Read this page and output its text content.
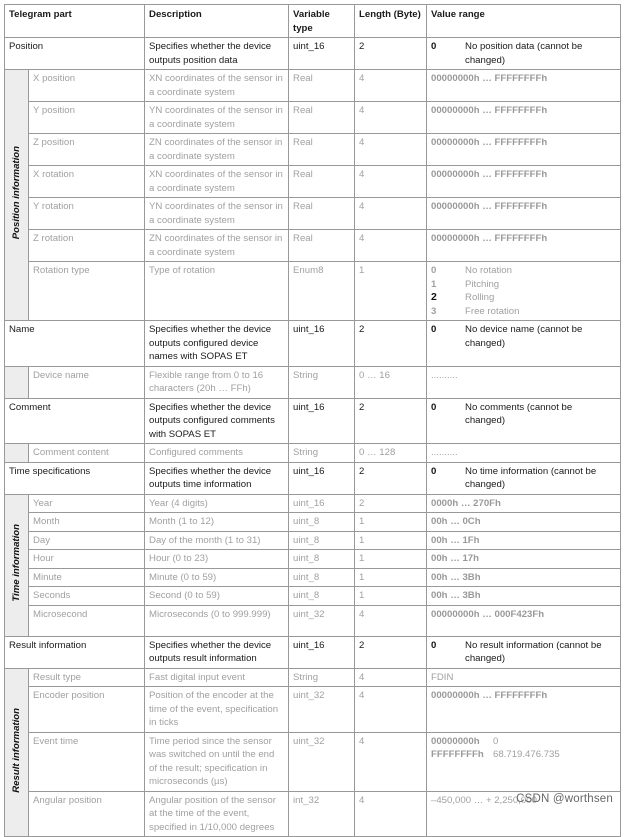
Telegram part		Description	Variable type	Length (Byte)	Value range
Position		Specifies whether the device outputs position data	uint_16	2	0 No position data (cannot be changed)
Position information	X position	XN coordinates of the sensor in a coordinate system	Real	4	00000000h … FFFFFFFFh
	Y position	YN coordinates of the sensor in a coordinate system	Real	4	00000000h … FFFFFFFFh
	Z position	ZN coordinates of the sensor in a coordinate system	Real	4	00000000h … FFFFFFFFh
	X rotation	XN coordinates of the sensor in a coordinate system	Real	4	00000000h … FFFFFFFFh
	Y rotation	YN coordinates of the sensor in a coordinate system	Real	4	00000000h … FFFFFFFFh
	Z rotation	ZN coordinates of the sensor in a coordinate system	Real	4	00000000h … FFFFFFFFh
	Rotation type	Type of rotation	Enum8	1	0 No rotation
1 Pitching
2 Rolling
3 Free rotation

Name		Specifies whether the device outputs configured device names with SOPAS ET	uint_16	2	0 No device name (cannot be changed)
	Device name	Flexible range from 0 to 16 characters (20h … FFh)	String	0 … 16	..........
Comment		Specifies whether the device outputs configured comments with SOPAS ET	uint_16	2	0 No comments (cannot be changed)
	Comment content	Configured comments	String	0 … 128	..........
Time specifications		Specifies whether the device outputs time information	uint_16	2	0 No time information (cannot be changed)
Time information	Year	Year (4 digits)	uint_16	2	0000h … 270Fh
	Month	Month (1 to 12)	uint_8	1	00h … 0Ch
	Day	Day of the month (1 to 31)	uint_8	1	00h … 1Fh
	Hour	Hour (0 to 23)	uint_8	1	00h … 17h
	Minute	Minute (0 to 59)	uint_8	1	00h … 3Bh
	Seconds	Second (0 to 59)	uint_8	1	00h … 3Bh
	Microsecond	Microseconds (0 to 999.999)	uint_32	4	00000000h … 000F423Fh
Result information		Specifies whether the device outputs result information	uint_16	2	0 No result information (cannot be changed)
Result information	Result type	Fast digital input event	String	4	FDIN
	Encoder position	Position of the encoder at the time of the event, specification in ticks	uint_32	4	00000000h … FFFFFFFFh
	Event time	Time period since the sensor was switched on until the end of the result; specification in microseconds (µs)	uint_32	4	00000000h 0
FFFFFFFFh 68.719.476.735

	Angular position	Angular position of the sensor at the time of the event, specified in 1/10,000 degrees	int_32	4	–450,000 … + 2,250,000
CSDN @worthsen
